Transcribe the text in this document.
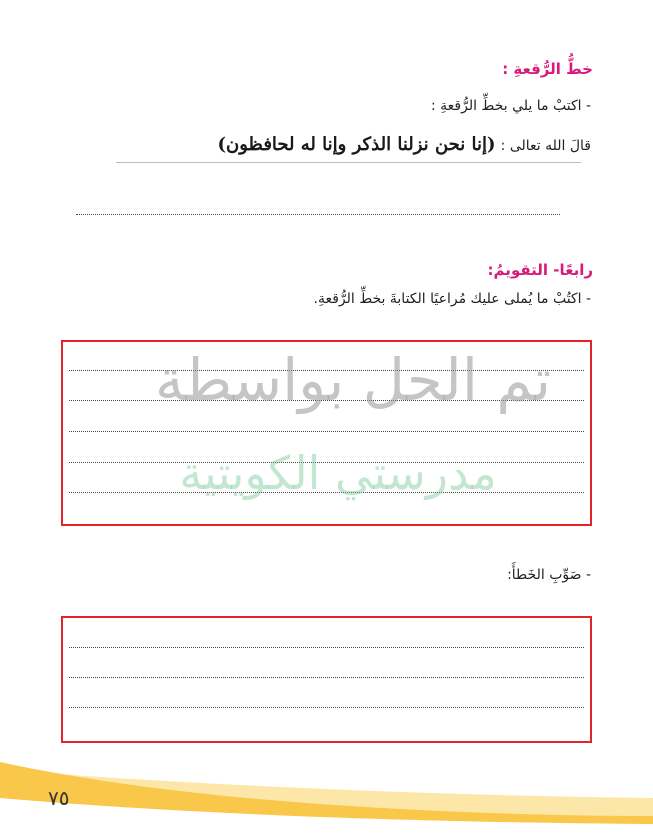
خطُّ الرُّقعةِ :
- اكتبْ ما يلي بخطِّ الرُّقعةِ :
قالَ الله تعالى : (إنا نحن نزلنا الذكر وإنا له لحافظون)
رابعًا- التقويمُ:
- اكتُبْ ما يُملى عليك مُراعيًا الكتابةَ بخطِّ الرُّقعةِ.
تم الحل بواسطة
مدرستي الكويتية
- صَوِّبِ الخَطأَ:
٧٥
